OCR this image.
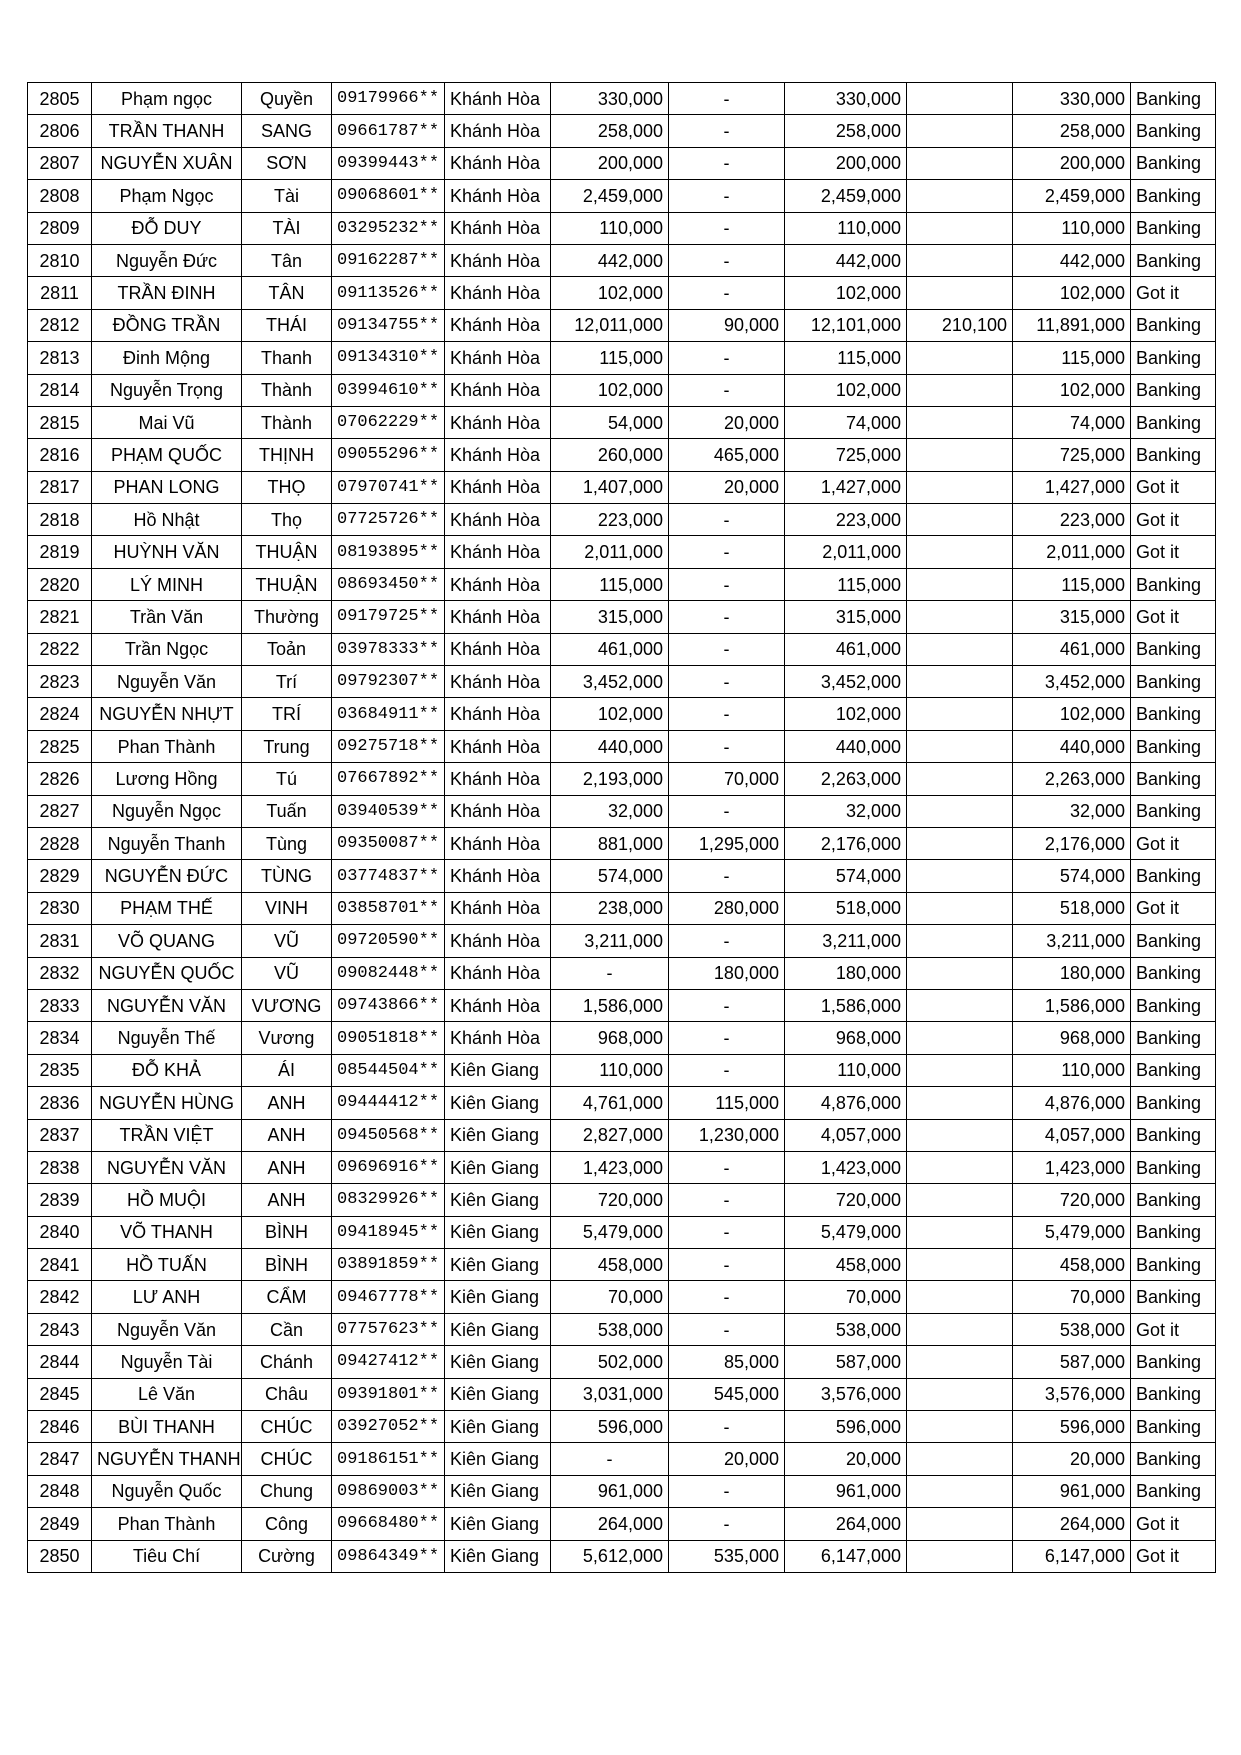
2805	Phạm ngọc	Quyền	09179966**	Khánh Hòa	330,000	-	330,000		330,000	Banking
2806	TRẦN THANH	SANG	09661787**	Khánh Hòa	258,000	-	258,000		258,000	Banking
2807	NGUYỄN XUÂN	SƠN	09399443**	Khánh Hòa	200,000	-	200,000		200,000	Banking
2808	Phạm Ngọc	Tài	09068601**	Khánh Hòa	2,459,000	-	2,459,000		2,459,000	Banking
2809	ĐỖ DUY	TÀI	03295232**	Khánh Hòa	110,000	-	110,000		110,000	Banking
2810	Nguyễn Đức	Tân	09162287**	Khánh Hòa	442,000	-	442,000		442,000	Banking
2811	TRẦN ĐINH	TÂN	09113526**	Khánh Hòa	102,000	-	102,000		102,000	Got it
2812	ĐỒNG TRẦN	THÁI	09134755**	Khánh Hòa	12,011,000	90,000	12,101,000	210,100	11,891,000	Banking
2813	Đinh Mộng	Thanh	09134310**	Khánh Hòa	115,000	-	115,000		115,000	Banking
2814	Nguyễn Trọng	Thành	03994610**	Khánh Hòa	102,000	-	102,000		102,000	Banking
2815	Mai Vũ	Thành	07062229**	Khánh Hòa	54,000	20,000	74,000		74,000	Banking
2816	PHẠM QUỐC	THỊNH	09055296**	Khánh Hòa	260,000	465,000	725,000		725,000	Banking
2817	PHAN LONG	THỌ	07970741**	Khánh Hòa	1,407,000	20,000	1,427,000		1,427,000	Got it
2818	Hồ Nhật	Thọ	07725726**	Khánh Hòa	223,000	-	223,000		223,000	Got it
2819	HUỲNH VĂN	THUẬN	08193895**	Khánh Hòa	2,011,000	-	2,011,000		2,011,000	Got it
2820	LÝ MINH	THUẬN	08693450**	Khánh Hòa	115,000	-	115,000		115,000	Banking
2821	Trần Văn	Thường	09179725**	Khánh Hòa	315,000	-	315,000		315,000	Got it
2822	Trần Ngọc	Toản	03978333**	Khánh Hòa	461,000	-	461,000		461,000	Banking
2823	Nguyễn Văn	Trí	09792307**	Khánh Hòa	3,452,000	-	3,452,000		3,452,000	Banking
2824	NGUYỄN NHỰT	TRÍ	03684911**	Khánh Hòa	102,000	-	102,000		102,000	Banking
2825	Phan Thành	Trung	09275718**	Khánh Hòa	440,000	-	440,000		440,000	Banking
2826	Lương Hồng	Tú	07667892**	Khánh Hòa	2,193,000	70,000	2,263,000		2,263,000	Banking
2827	Nguyễn Ngọc	Tuấn	03940539**	Khánh Hòa	32,000	-	32,000		32,000	Banking
2828	Nguyễn Thanh	Tùng	09350087**	Khánh Hòa	881,000	1,295,000	2,176,000		2,176,000	Got it
2829	NGUYỄN ĐỨC	TÙNG	03774837**	Khánh Hòa	574,000	-	574,000		574,000	Banking
2830	PHẠM THẾ	VINH	03858701**	Khánh Hòa	238,000	280,000	518,000		518,000	Got it
2831	VÕ QUANG	VŨ	09720590**	Khánh Hòa	3,211,000	-	3,211,000		3,211,000	Banking
2832	NGUYỄN QUỐC	VŨ	09082448**	Khánh Hòa	-	180,000	180,000		180,000	Banking
2833	NGUYỄN VĂN	VƯƠNG	09743866**	Khánh Hòa	1,586,000	-	1,586,000		1,586,000	Banking
2834	Nguyễn Thế	Vương	09051818**	Khánh Hòa	968,000	-	968,000		968,000	Banking
2835	ĐỖ KHẢ	ÁI	08544504**	Kiên Giang	110,000	-	110,000		110,000	Banking
2836	NGUYỄN HÙNG	ANH	09444412**	Kiên Giang	4,761,000	115,000	4,876,000		4,876,000	Banking
2837	TRẦN VIỆT	ANH	09450568**	Kiên Giang	2,827,000	1,230,000	4,057,000		4,057,000	Banking
2838	NGUYỄN VĂN	ANH	09696916**	Kiên Giang	1,423,000	-	1,423,000		1,423,000	Banking
2839	HỒ MUỘI	ANH	08329926**	Kiên Giang	720,000	-	720,000		720,000	Banking
2840	VÕ THANH	BÌNH	09418945**	Kiên Giang	5,479,000	-	5,479,000		5,479,000	Banking
2841	HỒ TUẤN	BÌNH	03891859**	Kiên Giang	458,000	-	458,000		458,000	Banking
2842	LƯ ANH	CẨM	09467778**	Kiên Giang	70,000	-	70,000		70,000	Banking
2843	Nguyễn Văn	Cần	07757623**	Kiên Giang	538,000	-	538,000		538,000	Got it
2844	Nguyễn Tài	Chánh	09427412**	Kiên Giang	502,000	85,000	587,000		587,000	Banking
2845	Lê Văn	Châu	09391801**	Kiên Giang	3,031,000	545,000	3,576,000		3,576,000	Banking
2846	BÙI THANH	CHÚC	03927052**	Kiên Giang	596,000	-	596,000		596,000	Banking
2847	NGUYỄN THANH	CHÚC	09186151**	Kiên Giang	-	20,000	20,000		20,000	Banking
2848	Nguyễn Quốc	Chung	09869003**	Kiên Giang	961,000	-	961,000		961,000	Banking
2849	Phan Thành	Công	09668480**	Kiên Giang	264,000	-	264,000		264,000	Got it
2850	Tiêu Chí	Cường	09864349**	Kiên Giang	5,612,000	535,000	6,147,000		6,147,000	Got it
